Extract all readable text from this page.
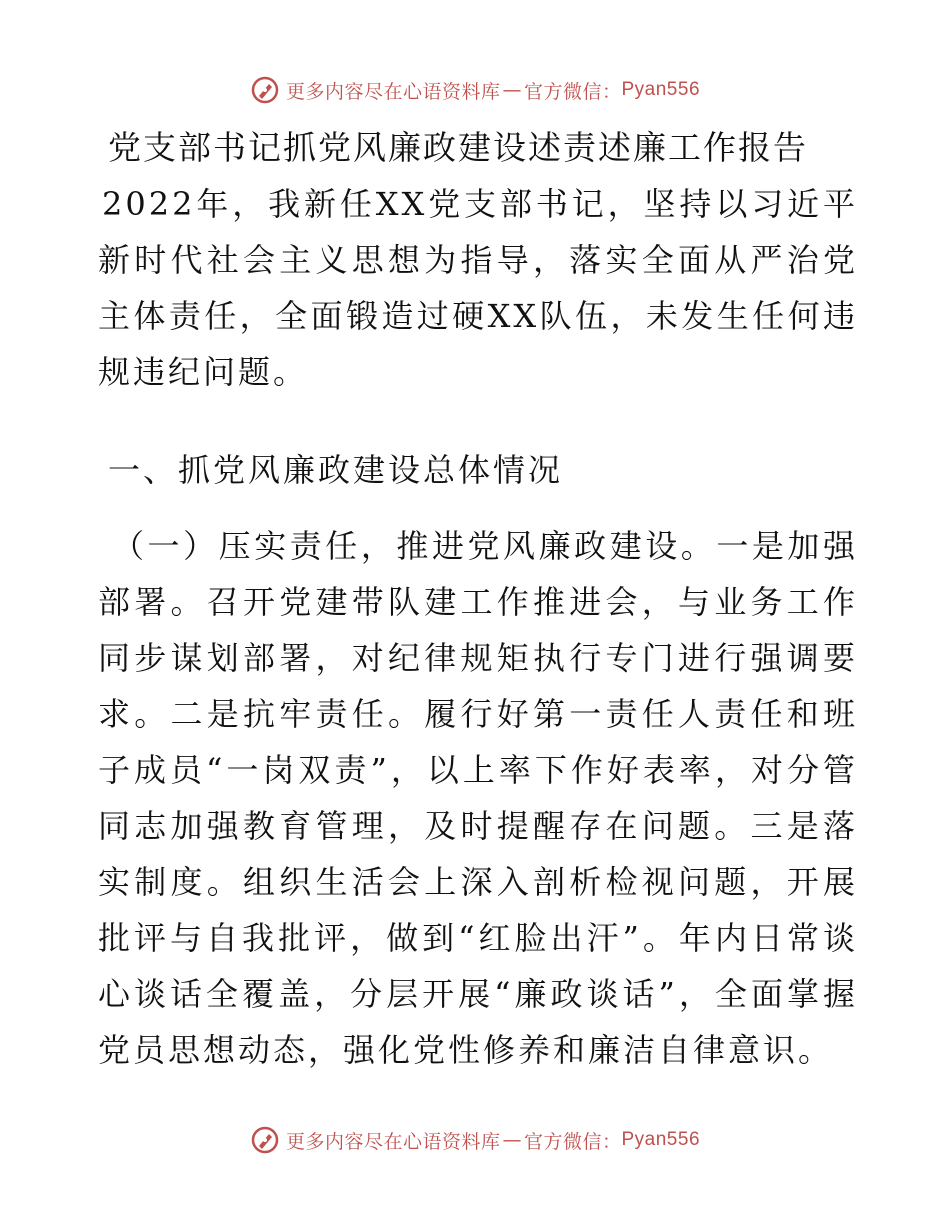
更多内容尽在心语资料库 — 官方微信： Pyan556
党支部书记抓党风廉政建设述责述廉工作报告

2022年，我新任XX党支部书记，坚持以习近平新时代社会主义思想为指导，落实全面从严治党主体责任，全面锻造过硬XX队伍，未发生任何违规违纪问题。

一、抓党风廉政建设总体情况

（一）压实责任，推进党风廉政建设。一是加强部署。召开党建带队建工作推进会，与业务工作同步谋划部署，对纪律规矩执行专门进行强调要求。二是抗牢责任。履行好第一责任人责任和班子成员“一岗双责”，以上率下作好表率，对分管同志加强教育管理，及时提醒存在问题。三是落实制度。组织生活会上深入剖析检视问题，开展批评与自我批评，做到“红脸出汗”。年内日常谈心谈话全覆盖，分层开展“廉政谈话”，全面掌握党员思想动态，强化党性修养和廉洁自律意识。

更多内容尽在心语资料库 — 官方微信： Pyan556
